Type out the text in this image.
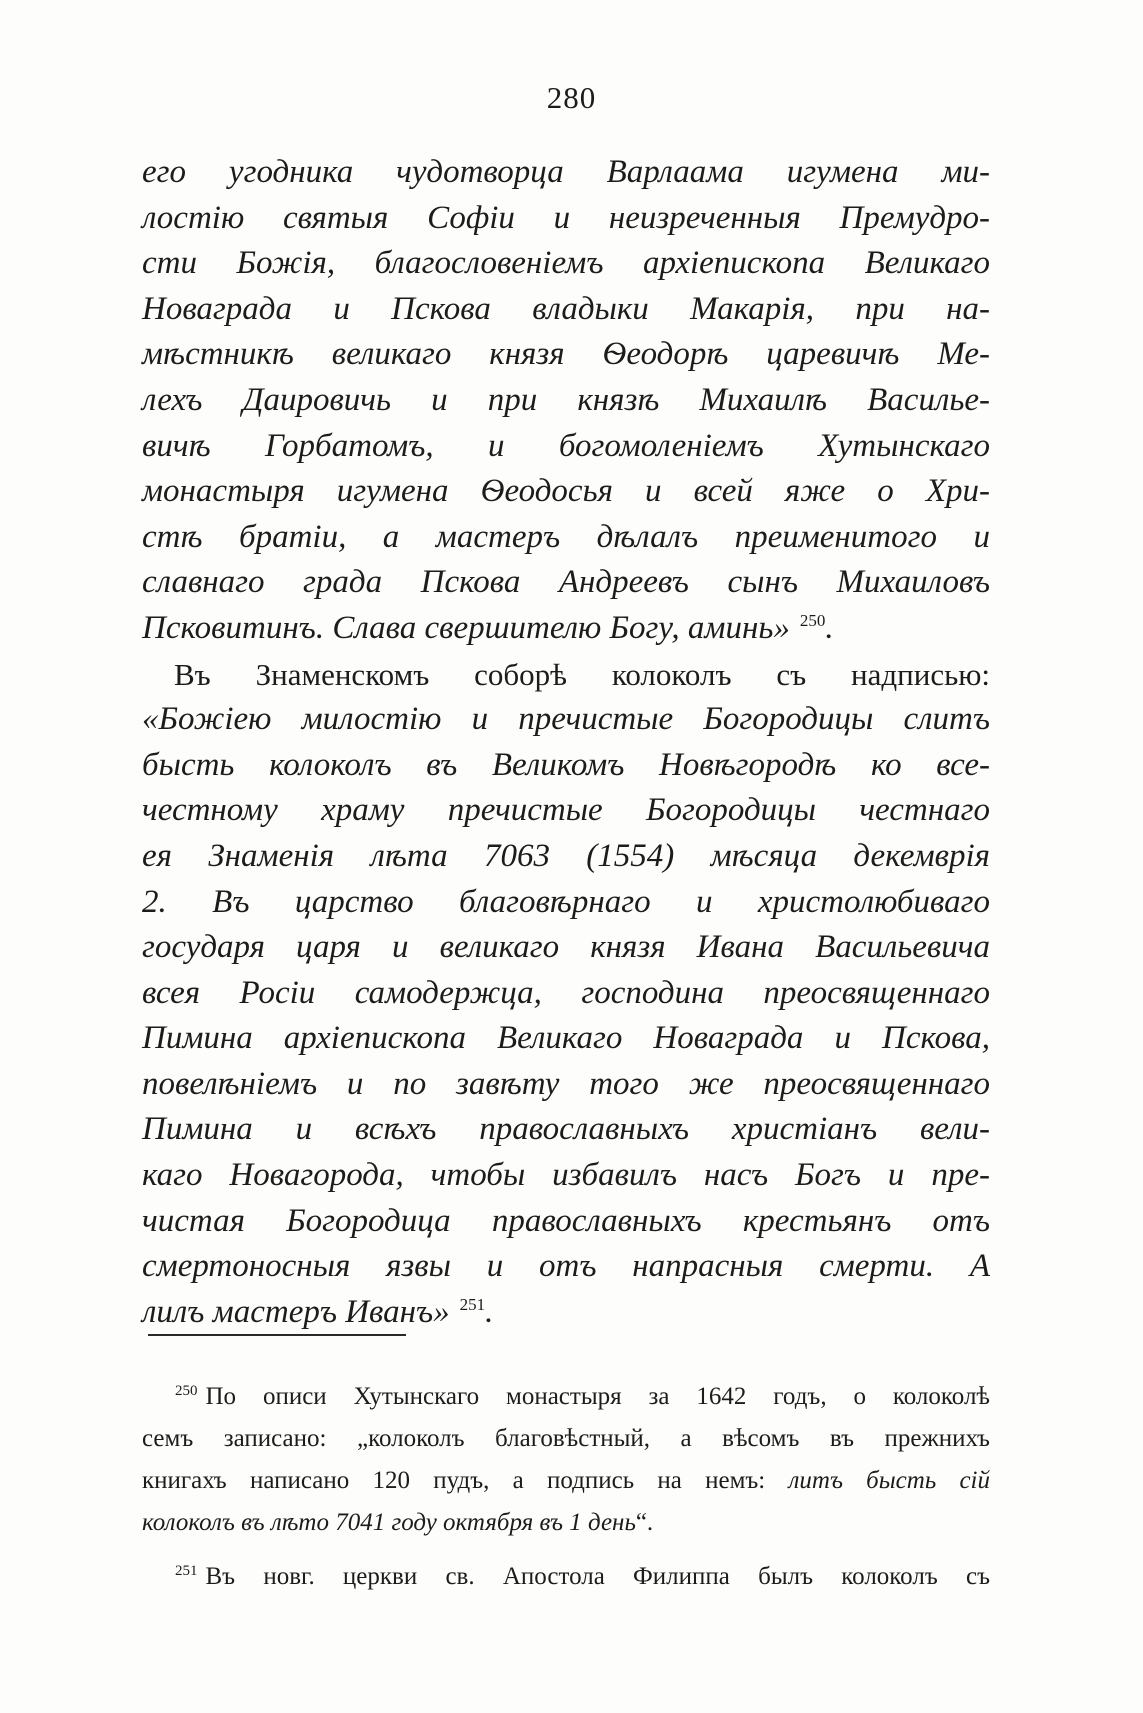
280
его угодника чудотворца Варлаама игумена ми-
лостію святыя Софіи и неизреченныя Премудро-
сти Божія, благословеніемъ архіепископа Великаго
Новаграда и Пскова владыки Макарія, при на-
мѣстникѣ великаго князя Ѳеодорѣ царевичѣ Ме-
лехъ Даировичь и при князѣ Михаилѣ Василье-
вичѣ Горбатомъ, и богомоленіемъ Хутынскаго
монастыря игумена Ѳеодосья и всей яже о Хри-
стѣ братіи, а мастеръ дѣлалъ преименитого и
славнаго града Пскова Андреевъ сынъ Михаиловъ
Псковитинъ. Слава свершителю Богу, аминь» $^{250}$.
Въ Знаменскомъ соборѣ колоколъ съ надписью:
«Божіею милостію и пречистые Богородицы слитъ
бысть колоколъ въ Великомъ Новѣгородѣ ко все-
честному храму пречистые Богородицы честнаго
ея Знаменія лѣта 7063 (1554) мѣсяца декемврія
2. Въ царство благовѣрнаго и христолюбиваго
государя царя и великаго князя Ивана Васильевича
всея Росіи самодержца, господина преосвященнаго
Пимина архіепископа Великаго Новаграда и Пскова,
повелѣніемъ и по завѣту того же преосвященнаго
Пимина и всѣхъ православныхъ христіанъ вели-
каго Новагорода, чтобы избавилъ насъ Богъ и пре-
чистая Богородица православныхъ крестьянъ отъ
смертоносныя язвы и отъ напрасныя смерти. А
лилъ мастеръ Иванъ» $^{251}$.
$^{250}$ По описи Хутынскаго монастыря за 1642 годъ, о колоколѣ
семъ записано: „колоколъ благовѣстный, а вѣсомъ въ прежнихъ
книгахъ написано 120 пудъ, а подпись на немъ: литъ бысть сій
колоколъ въ лѣто 7041 году октября въ 1 день“.
$^{251}$ Въ новг. церкви св. Апостола Филиппа былъ колоколъ съ
